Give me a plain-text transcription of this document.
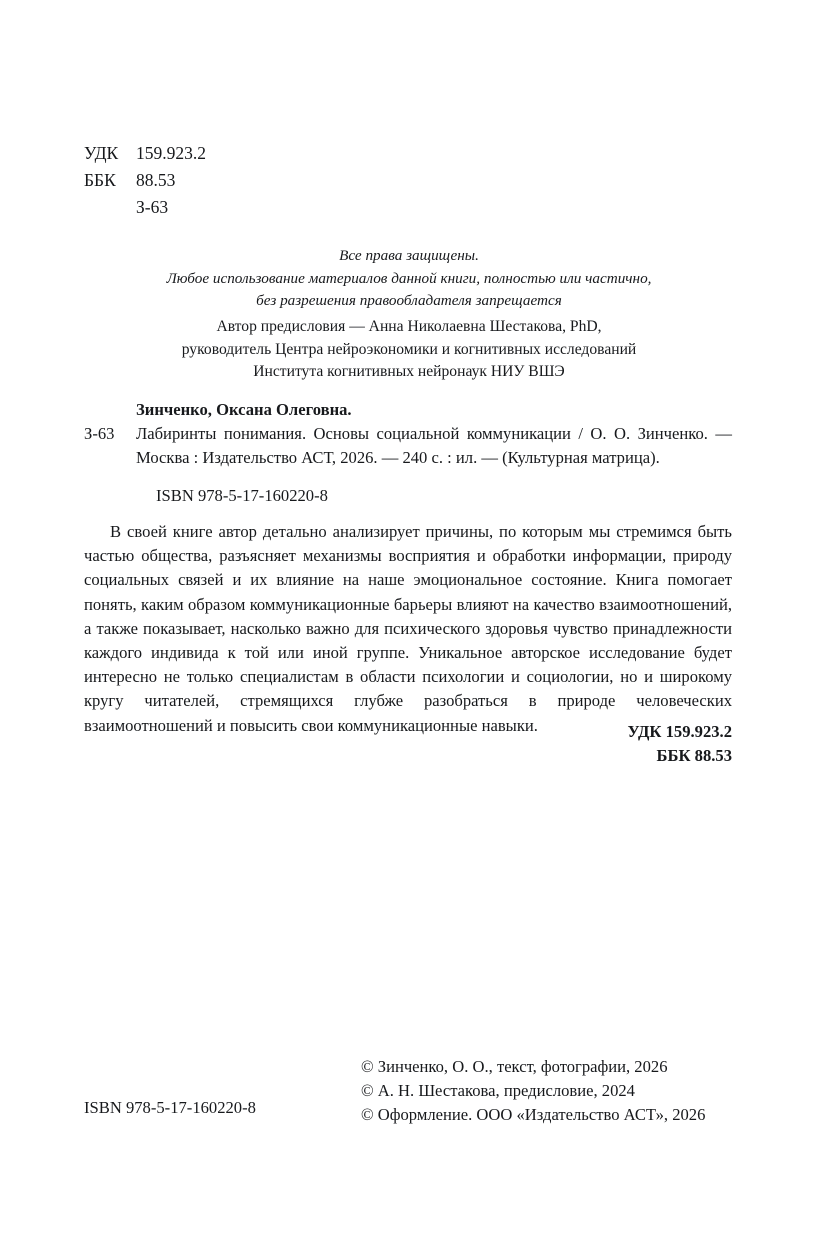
УДК 159.923.2
ББК 88.53
З-63
Все права защищены.
Любое использование материалов данной книги, полностью или частично,
без разрешения правообладателя запрещается
Автор предисловия — Анна Николаевна Шестакова, PhD,
руководитель Центра нейроэкономики и когнитивных исследований
Института когнитивных нейронаук НИУ ВШЭ
Зинченко, Оксана Олеговна.
З-63	Лабиринты понимания. Основы социальной коммуникации / О. О. Зинченко. — Москва : Издательство АСТ, 2026. — 240 с. : ил. — (Культурная матрица).
ISBN 978-5-17-160220-8
В своей книге автор детально анализирует причины, по которым мы стремимся быть частью общества, разъясняет механизмы восприятия и обработки информации, природу социальных связей и их влияние на наше эмоциональное состояние. Книга помогает понять, каким образом коммуникационные барьеры влияют на качество взаимоотношений, а также показывает, насколько важно для психического здоровья чувство принадлежности каждого индивида к той или иной группе. Уникальное авторское исследование будет интересно не только специалистам в области психологии и социологии, но и широкому кругу читателей, стремящихся глубже разобраться в природе человеческих взаимоотношений и повысить свои коммуникационные навыки.	УДК 159.923.2
ББК 88.53
© Зинченко, О. О., текст, фотографии, 2026
© А. Н. Шестакова, предисловие, 2024
© Оформление. ООО «Издательство АСТ», 2026
ISBN 978-5-17-160220-8
